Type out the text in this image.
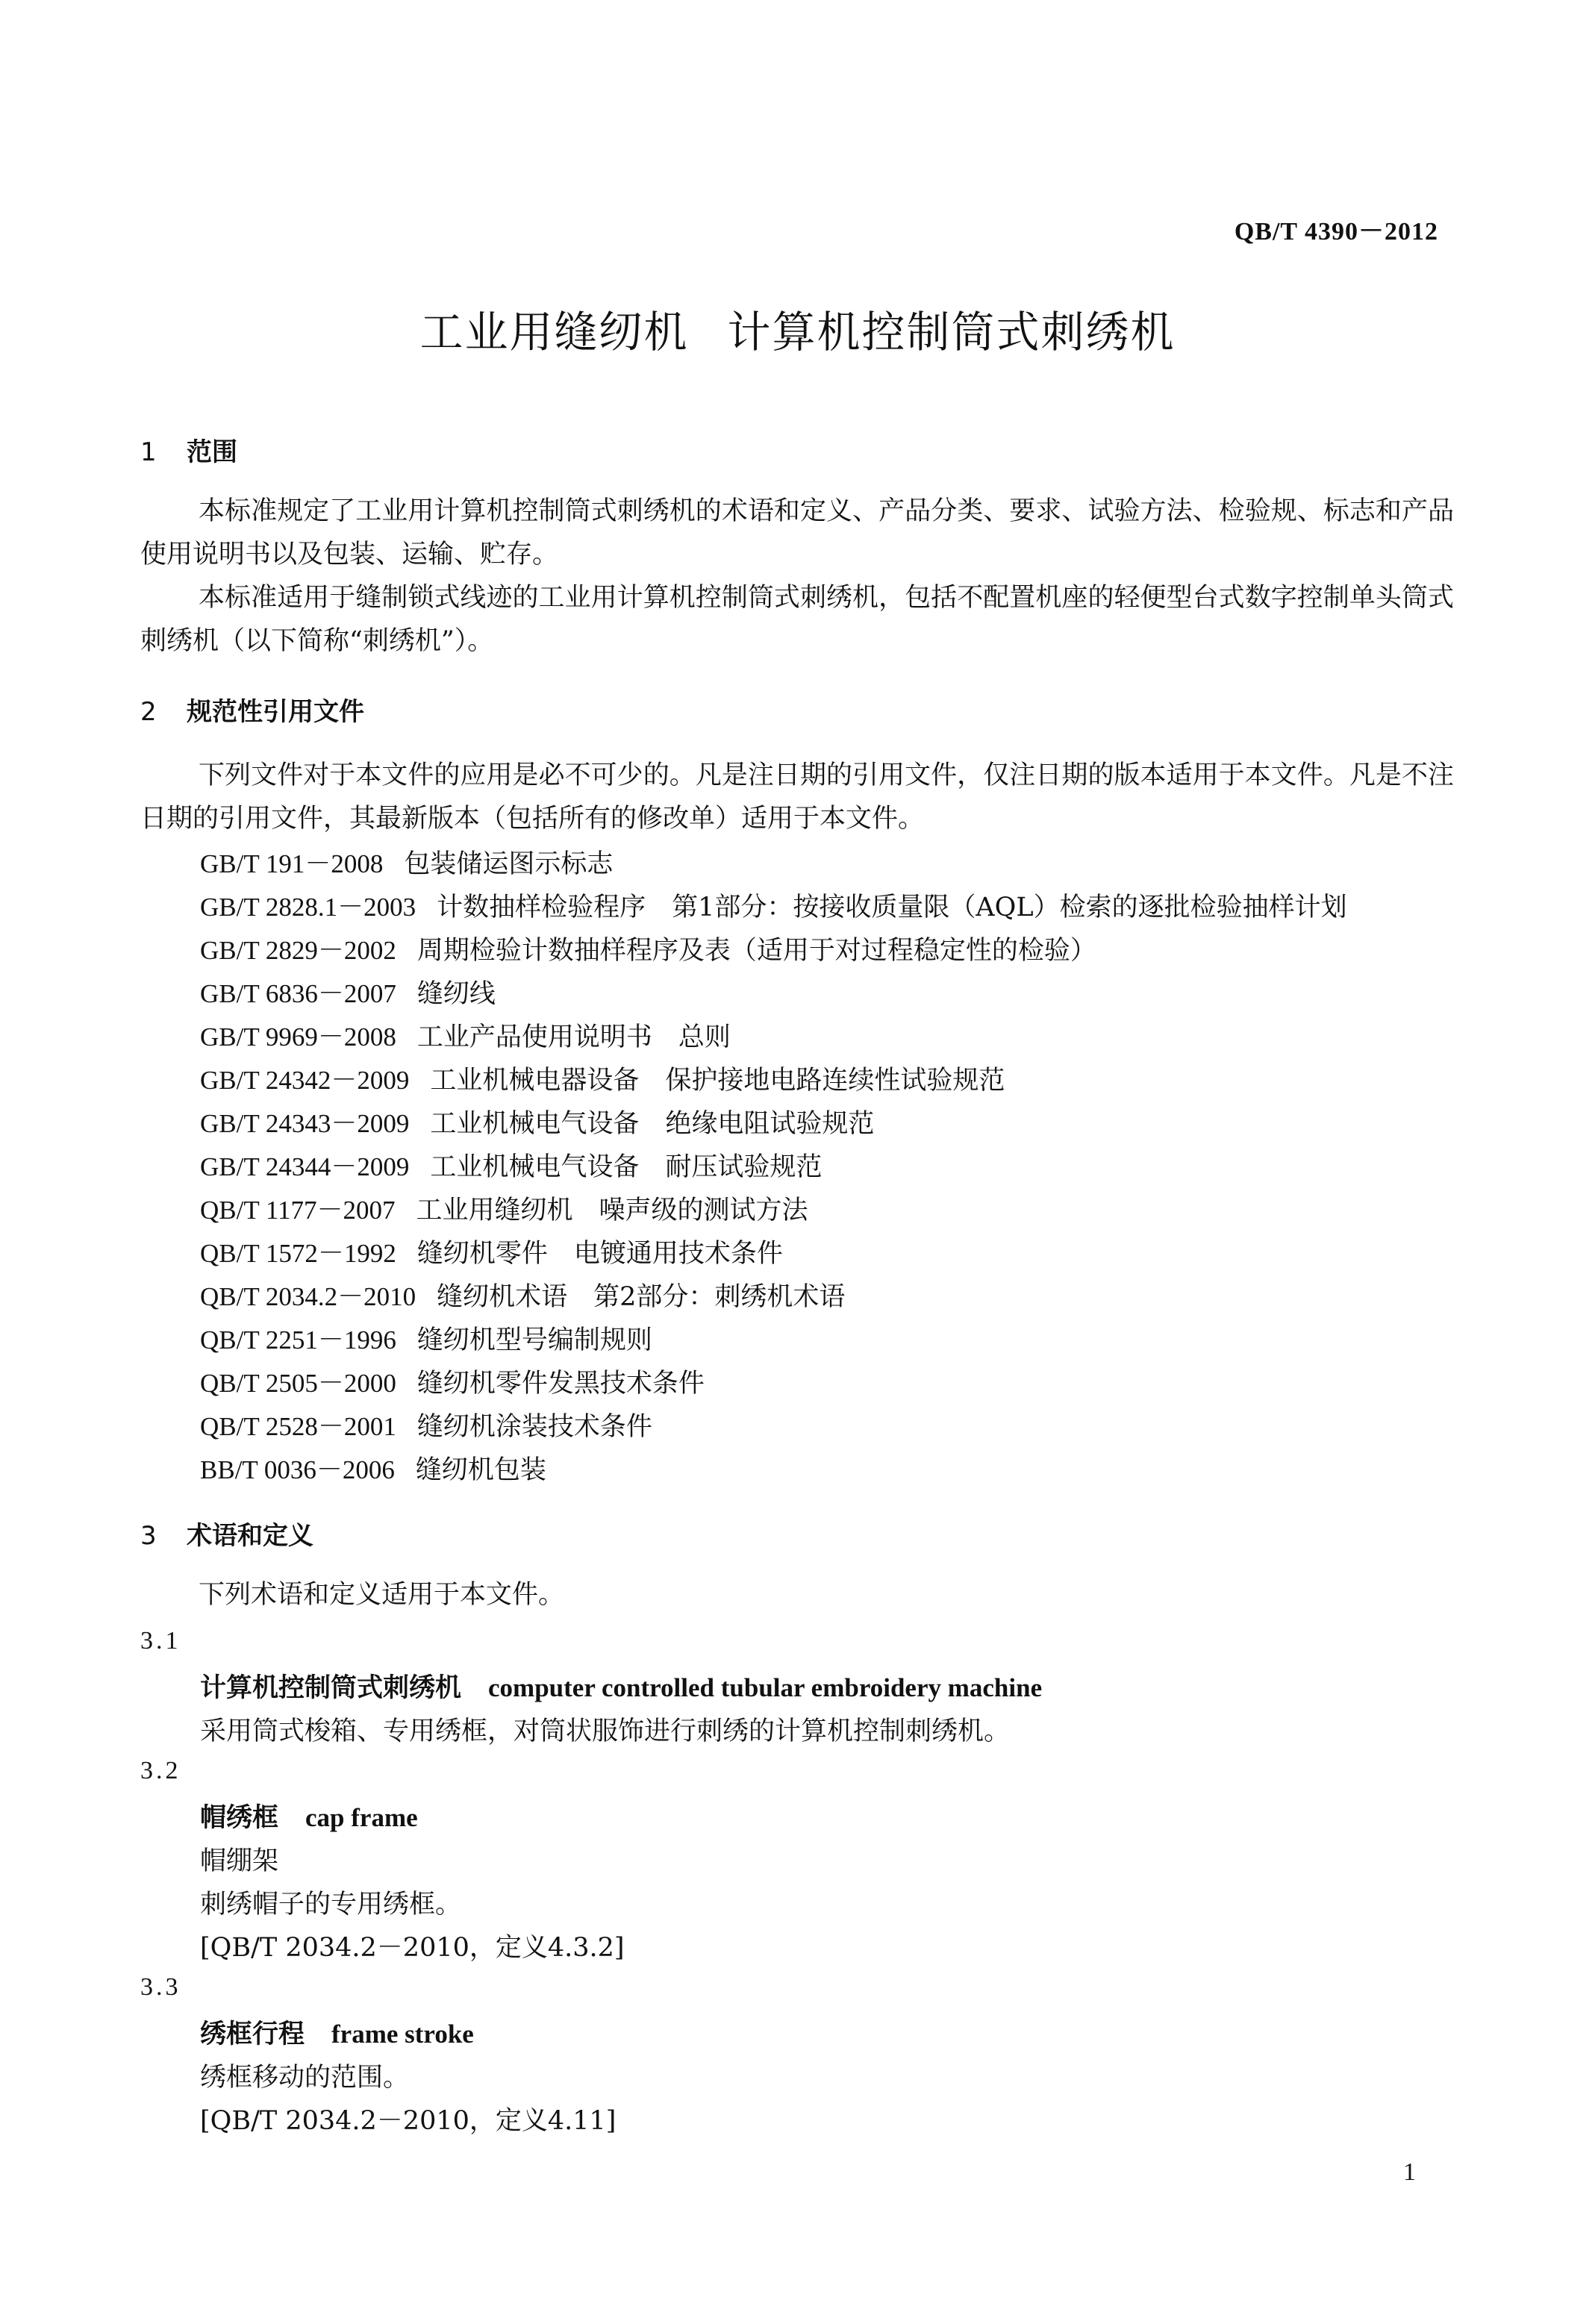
QB/T 4390－2012
工业用缝纫机 计算机控制筒式刺绣机
1 范围
本标准规定了工业用计算机控制筒式刺绣机的术语和定义、产品分类、要求、试验方法、检验规、标志和产品使用说明书以及包装、运输、贮存。
本标准适用于缝制锁式线迹的工业用计算机控制筒式刺绣机，包括不配置机座的轻便型台式数字控制单头筒式刺绣机（以下简称“刺绣机”）。
2 规范性引用文件
下列文件对于本文件的应用是必不可少的。凡是注日期的引用文件，仅注日期的版本适用于本文件。凡是不注日期的引用文件，其最新版本（包括所有的修改单）适用于本文件。
GB/T 191－2008 包装储运图示标志
GB/T 2828.1－2003 计数抽样检验程序　第1部分：按接收质量限（AQL）检索的逐批检验抽样计划
GB/T 2829－2002 周期检验计数抽样程序及表（适用于对过程稳定性的检验）
GB/T 6836－2007 缝纫线
GB/T 9969－2008 工业产品使用说明书　总则
GB/T 24342－2009 工业机械电器设备　保护接地电路连续性试验规范
GB/T 24343－2009 工业机械电气设备　绝缘电阻试验规范
GB/T 24344－2009 工业机械电气设备　耐压试验规范
QB/T 1177－2007 工业用缝纫机　噪声级的测试方法
QB/T 1572－1992 缝纫机零件　电镀通用技术条件
QB/T 2034.2－2010 缝纫机术语　第2部分：刺绣机术语
QB/T 2251－1996 缝纫机型号编制规则
QB/T 2505－2000 缝纫机零件发黑技术条件
QB/T 2528－2001 缝纫机涂装技术条件
BB/T 0036－2006 缝纫机包装
3 术语和定义
下列术语和定义适用于本文件。
3.1
计算机控制筒式刺绣机 computer controlled tubular embroidery machine
采用筒式梭箱、专用绣框，对筒状服饰进行刺绣的计算机控制刺绣机。
3.2
帽绣框 cap frame
帽绷架
刺绣帽子的专用绣框。
[QB/T 2034.2－2010，定义4.3.2]
3.3
绣框行程 frame stroke
绣框移动的范围。
[QB/T 2034.2－2010，定义4.11]
1
